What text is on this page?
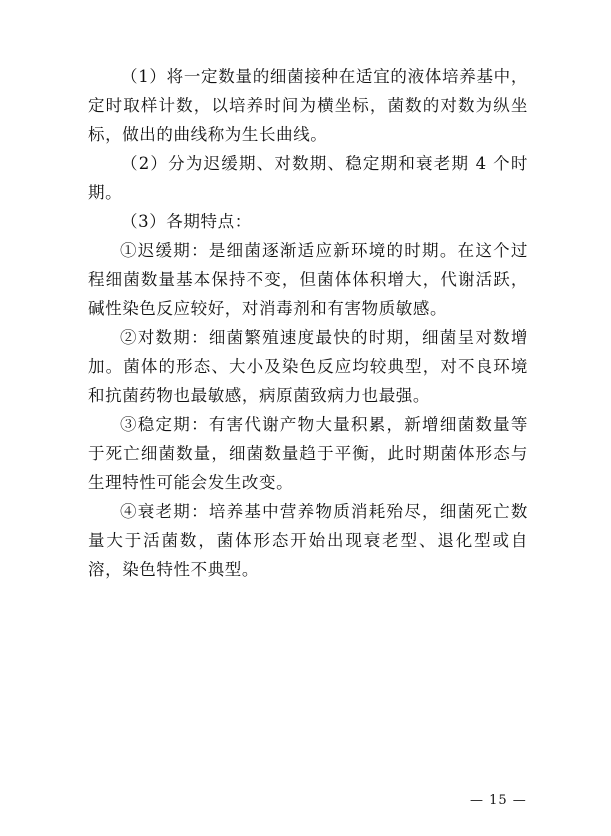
（1）将一定数量的细菌接种在适宜的液体培养基中，定时取样计数，以培养时间为横坐标，菌数的对数为纵坐标，做出的曲线称为生长曲线。

（2）分为迟缓期、对数期、稳定期和衰老期 4 个时期。

（3）各期特点：

①迟缓期：是细菌逐渐适应新环境的时期。在这个过程细菌数量基本保持不变，但菌体体积增大，代谢活跃，碱性染色反应较好，对消毒剂和有害物质敏感。

②对数期：细菌繁殖速度最快的时期，细菌呈对数增加。菌体的形态、大小及染色反应均较典型，对不良环境和抗菌药物也最敏感，病原菌致病力也最强。

③稳定期：有害代谢产物大量积累，新增细菌数量等于死亡细菌数量，细菌数量趋于平衡，此时期菌体形态与生理特性可能会发生改变。

④衰老期：培养基中营养物质消耗殆尽，细菌死亡数量大于活菌数，菌体形态开始出现衰老型、退化型或自溶，染色特性不典型。

— 15 —
